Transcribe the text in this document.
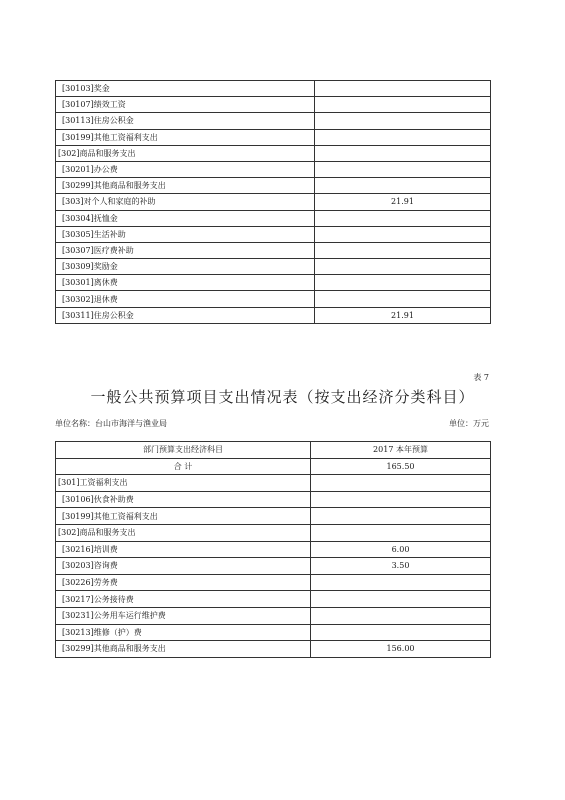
[30103]奖金	
[30107]绩效工资	
[30113]住房公积金	
[30199]其他工资福利支出	
[302]商品和服务支出	
[30201]办公费	
[30299]其他商品和服务支出	
[303]对个人和家庭的补助	21.91
[30304]抚恤金	
[30305]生活补助	
[30307]医疗费补助	
[30309]奖励金	
[30301]离休费	
[30302]退休费	
[30311]住房公积金	21.91
表 7
一般公共预算项目支出情况表（按支出经济分类科目）
单位名称：台山市海洋与渔业局	单位：万元
部门预算支出经济科目	2017 本年预算
合 计	165.50
[301]工资福利支出	
[30106]伙食补助费	
[30199]其他工资福利支出	
[302]商品和服务支出	
[30216]培训费	6.00
[30203]咨询费	3.50
[30226]劳务费	
[30217]公务接待费	
[30231]公务用车运行维护费	
[30213]维修（护）费	
[30299]其他商品和服务支出	156.00
